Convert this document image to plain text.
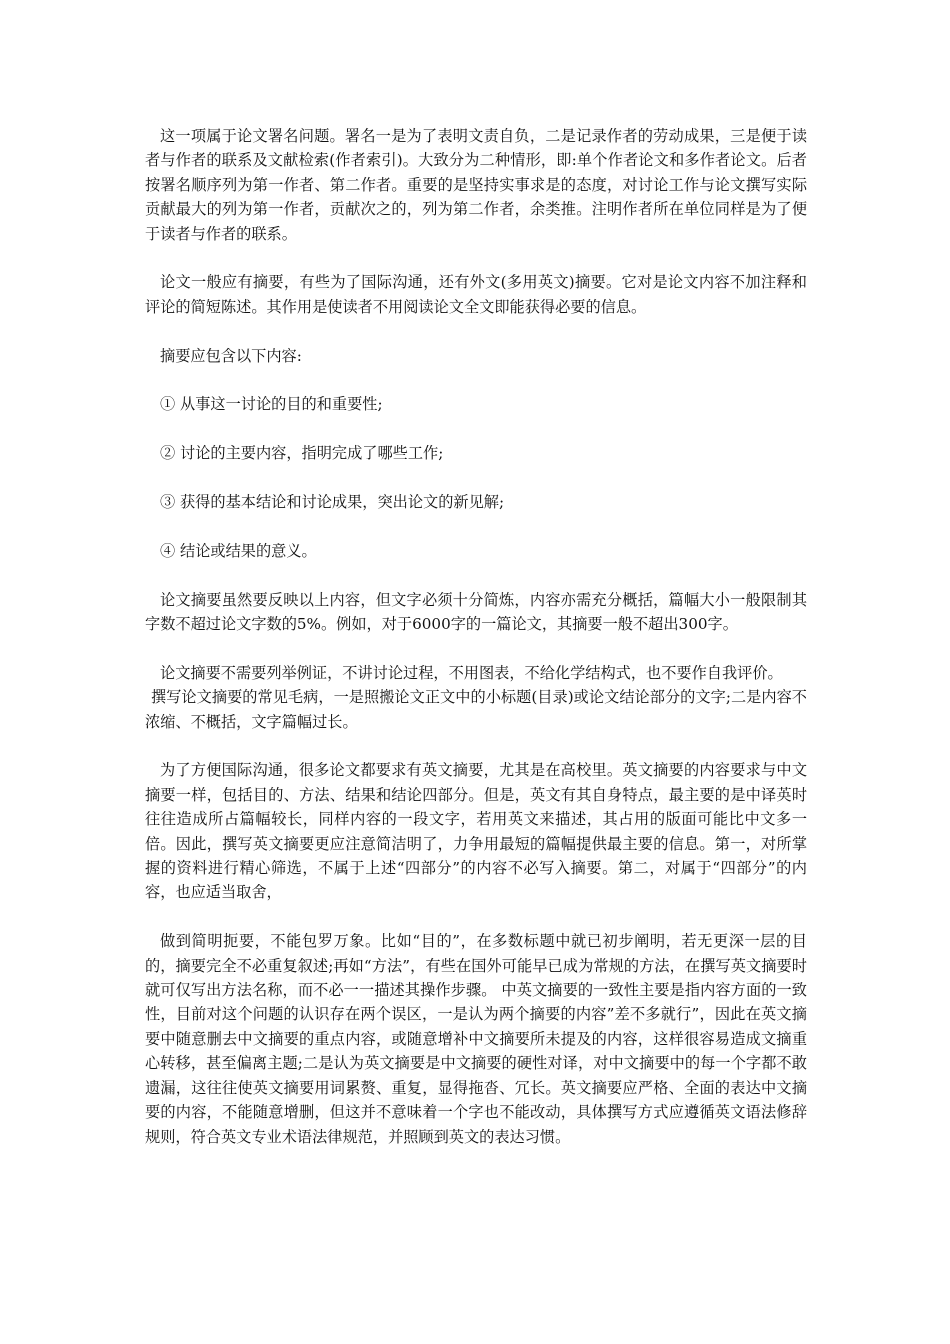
这一项属于论文署名问题。署名一是为了表明文责自负，二是记录作者的劳动成果，三是便于读者与作者的联系及文献检索(作者索引)。大致分为二种情形，即:单个作者论文和多作者论文。后者按署名顺序列为第一作者、第二作者。重要的是坚持实事求是的态度，对讨论工作与论文撰写实际贡献最大的列为第一作者，贡献次之的，列为第二作者，余类推。注明作者所在单位同样是为了便于读者与作者的联系。

论文一般应有摘要，有些为了国际沟通，还有外文(多用英文)摘要。它对是论文内容不加注释和评论的简短陈述。其作用是使读者不用阅读论文全文即能获得必要的信息。

摘要应包含以下内容:

① 从事这一讨论的目的和重要性;

② 讨论的主要内容，指明完成了哪些工作;

③ 获得的基本结论和讨论成果，突出论文的新见解;

④ 结论或结果的意义。

论文摘要虽然要反映以上内容，但文字必须十分简炼，内容亦需充分概括，篇幅大小一般限制其字数不超过论文字数的5%。例如，对于6000字的一篇论文，其摘要一般不超出300字。

论文摘要不需要列举例证，不讲讨论过程，不用图表，不给化学结构式，也不要作自我评价。
撰写论文摘要的常见毛病，一是照搬论文正文中的小标题(目录)或论文结论部分的文字;二是内容不浓缩、不概括，文字篇幅过长。

为了方便国际沟通，很多论文都要求有英文摘要，尤其是在高校里。英文摘要的内容要求与中文摘要一样，包括目的、方法、结果和结论四部分。但是，英文有其自身特点，最主要的是中译英时往往造成所占篇幅较长，同样内容的一段文字，若用英文来描述，其占用的版面可能比中文多一倍。因此，撰写英文摘要更应注意简洁明了，力争用最短的篇幅提供最主要的信息。第一，对所掌握的资料进行精心筛选，不属于上述“四部分”的内容不必写入摘要。第二，对属于“四部分”的内容，也应适当取舍，

做到简明扼要，不能包罗万象。比如“目的”，在多数标题中就已初步阐明，若无更深一层的目的，摘要完全不必重复叙述;再如“方法”，有些在国外可能早已成为常规的方法，在撰写英文摘要时就可仅写出方法名称，而不必一一描述其操作步骤。 中英文摘要的一致性主要是指内容方面的一致性，目前对这个问题的认识存在两个误区，一是认为两个摘要的内容”差不多就行”，因此在英文摘要中随意删去中文摘要的重点内容，或随意增补中文摘要所未提及的内容，这样很容易造成文摘重心转移，甚至偏离主题;二是认为英文摘要是中文摘要的硬性对译，对中文摘要中的每一个字都不敢遗漏，这往往使英文摘要用词累赘、重复，显得拖沓、冗长。英文摘要应严格、全面的表达中文摘要的内容，不能随意增删，但这并不意味着一个字也不能改动，具体撰写方式应遵循英文语法修辞规则，符合英文专业术语法律规范，并照顾到英文的表达习惯。
